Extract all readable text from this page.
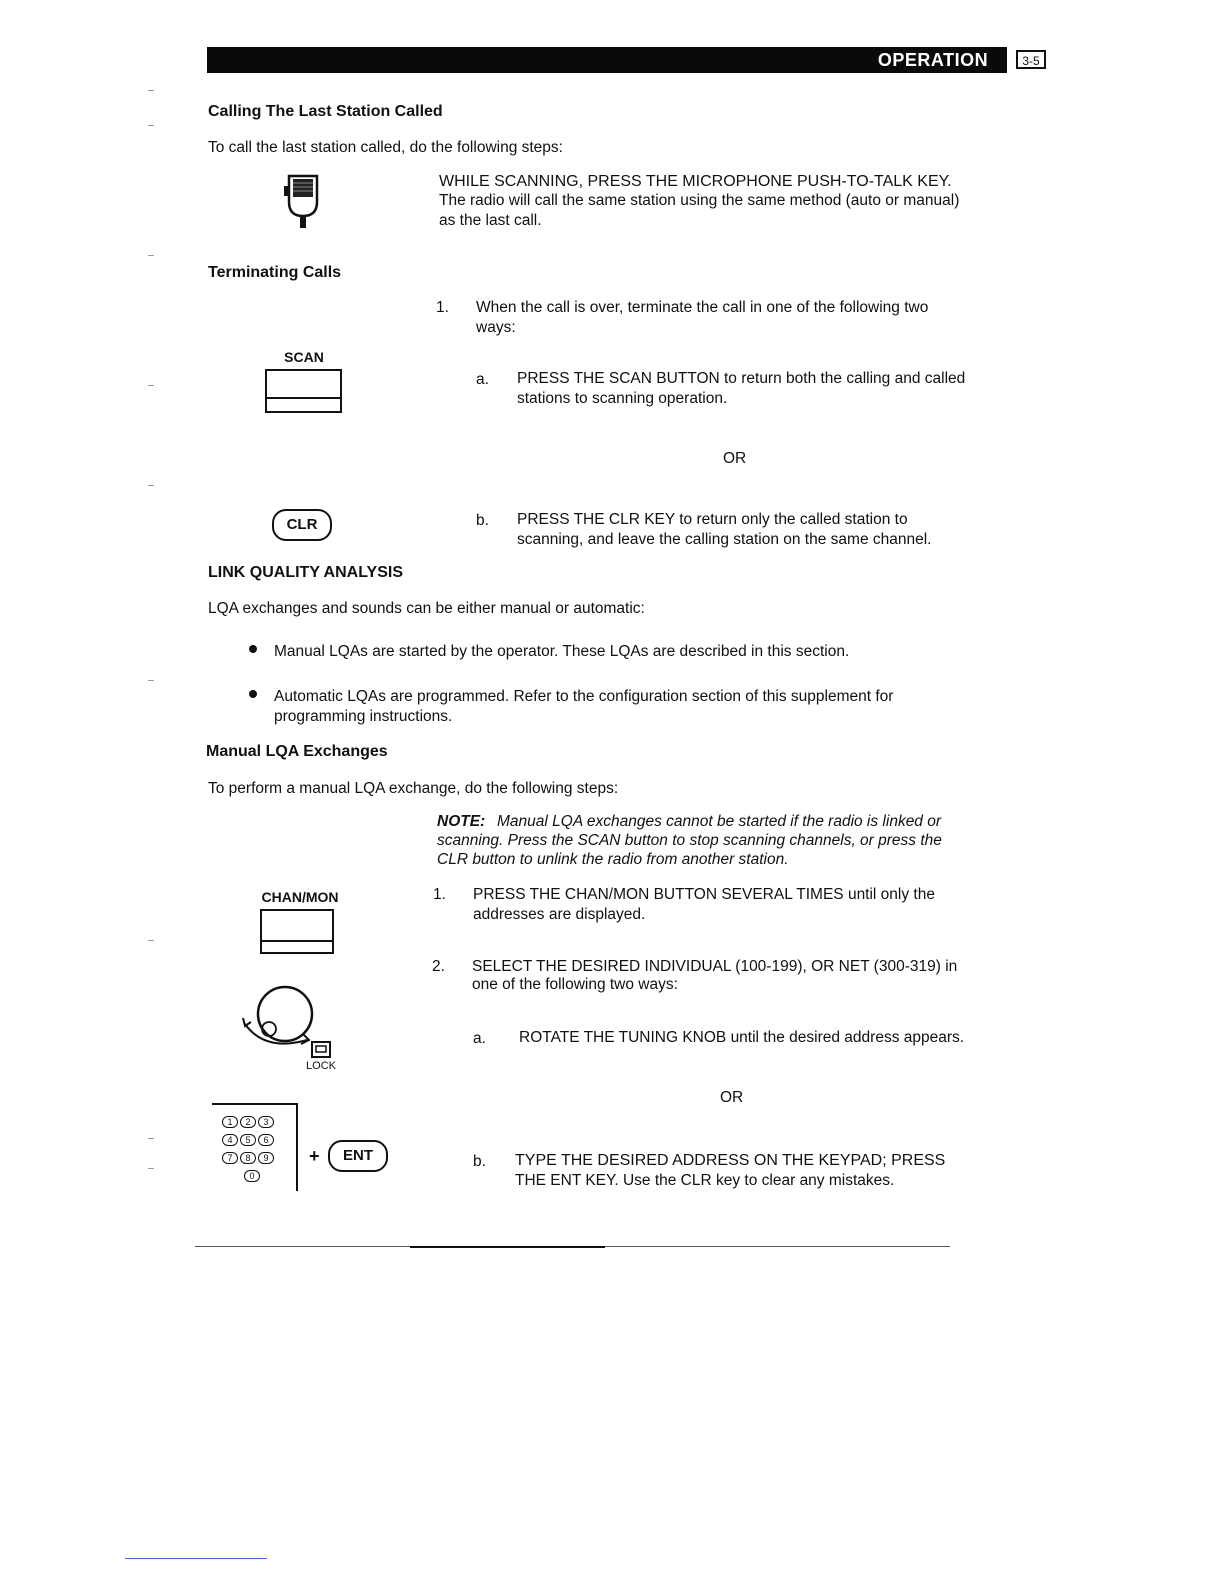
OPERATION	3-5
Calling The Last Station Called
To call the last station called, do the following steps:
WHILE SCANNING, PRESS THE MICROPHONE PUSH-TO-TALK KEY.
The radio will call the same station using the same method (auto or manual)
as the last call.
Terminating Calls
1. When the call is over, terminate the call in one of the following two
ways:
SCAN
a. PRESS THE SCAN BUTTON to return both the calling and called
stations to scanning operation.
OR
CLR	b. PRESS THE CLR KEY to return only the called station to
scanning, and leave the calling station on the same channel.
LINK QUALITY ANALYSIS
LQA exchanges and sounds can be either manual or automatic:
Manual LQAs are started by the operator. These LQAs are described in this section.
Automatic LQAs are programmed. Refer to the configuration section of this supplement for
programming instructions.
Manual LQA Exchanges
To perform a manual LQA exchange, do the following steps:
NOTE: Manual LQA exchanges cannot be started if the radio is linked or
scanning. Press the SCAN button to stop scanning channels, or press the
CLR button to unlink the radio from another station.
CHAN/MON	1. PRESS THE CHAN/MON BUTTON SEVERAL TIMES until only the
addresses are displayed.
2. SELECT THE DESIRED INDIVIDUAL (100-199), OR NET (300-319) in
one of the following two ways:
LOCK
a. ROTATE THE TUNING KNOB until the desired address appears.
OR
1 2 3
4 5 6
7 8 9
0
+	ENT	b. TYPE THE DESIRED ADDRESS ON THE KEYPAD; PRESS
THE ENT KEY. Use the CLR key to clear any mistakes.
